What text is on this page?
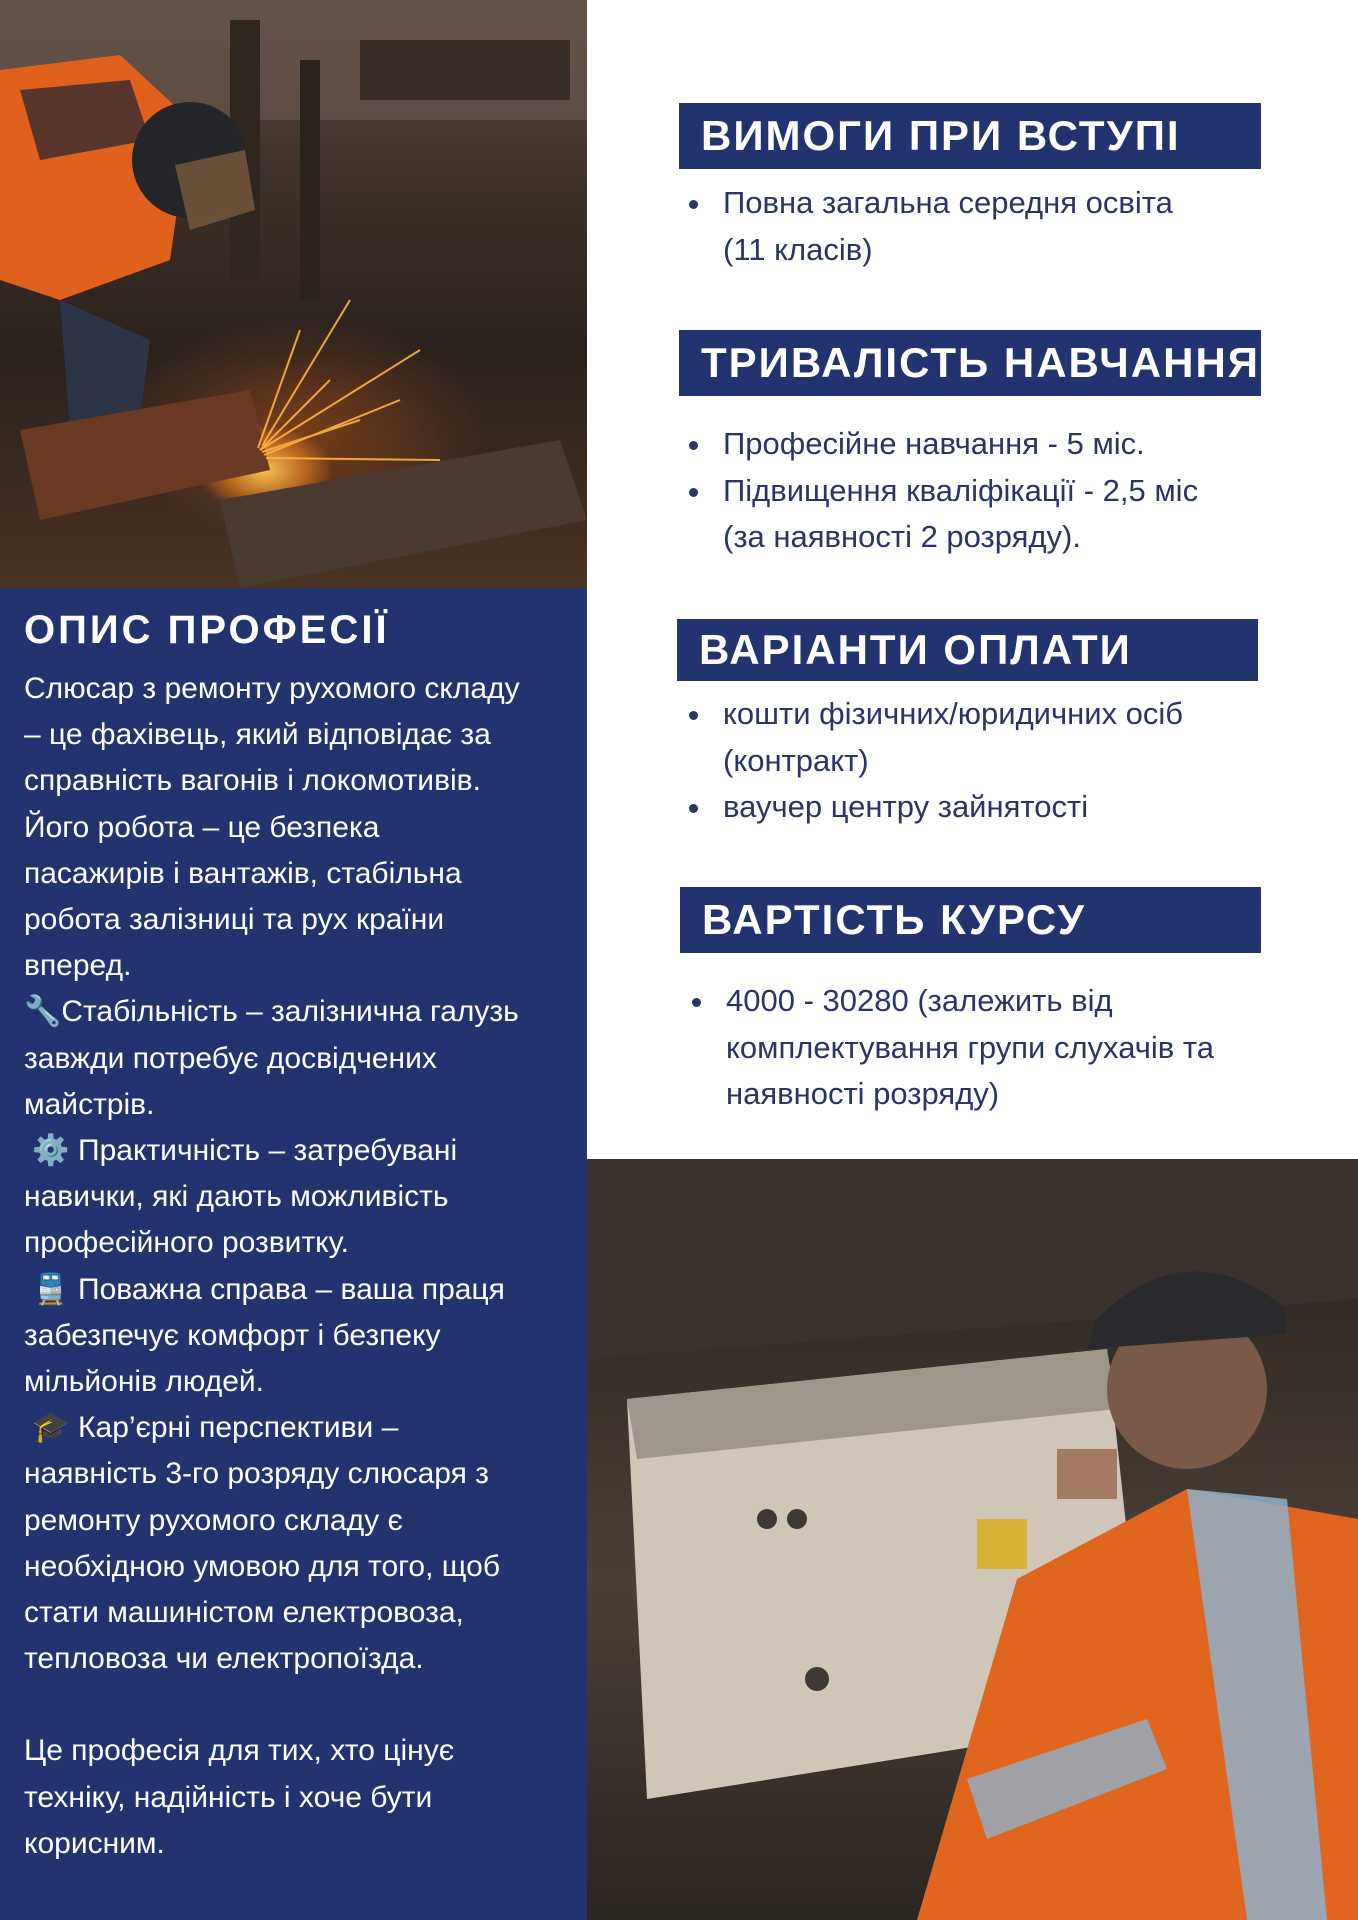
ОПИС ПРОФЕСІЇ

Слюсар з ремонту рухомого складу

– це фахівець, який відповідає за

справність вагонів і локомотивів.

Його робота – це безпека

пасажирів і вантажів, стабільна

робота залізниці та рух країни

вперед.

🔧Стабільність – залізнична галузь

завжди потребує досвідчених

майстрів.

⚙️ Практичність – затребувані

навички, які дають можливість

професійного розвитку.

🚆 Поважна справа – ваша праця

забезпечує комфорт і безпеку

мільйонів людей.

🎓 Кар’єрні перспективи –

наявність 3-го розряду слюсаря з

ремонту рухомого складу є

необхідною умовою для того, щоб

стати машиністом електровоза,

тепловоза чи електропоїзда.

Це професія для тих, хто цінує

техніку, надійність і хоче бути

корисним.

ВИМОГИ ПРИ ВСТУПІ
Повна загальна середня освіта
(11 класів)
ТРИВАЛІСТЬ НАВЧАННЯ
Професійне навчання - 5 міс.
Підвищення кваліфікації - 2,5 міс
(за наявності 2 розряду).
ВАРІАНТИ ОПЛАТИ
кошти фізичних/юридичних осіб
(контракт)
ваучер центру зайнятості
ВАРТІСТЬ КУРСУ
4000 - 30280 (залежить від
комплектування групи слухачів та
наявності розряду)
